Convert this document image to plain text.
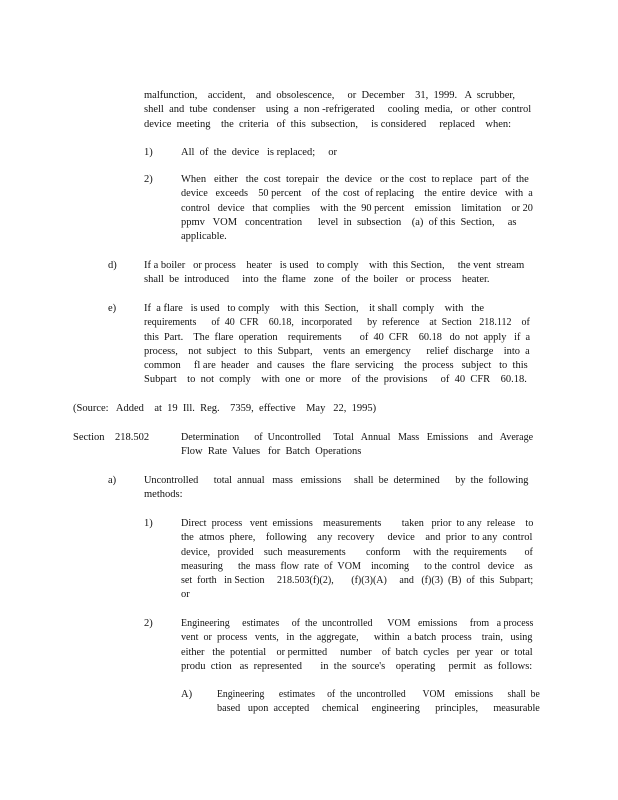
malfunction,    accident,    and  obsolescence,     or  December    31,  1999.   A  scrubber,
shell  and  tube  condenser    using  a  non -refrigerated     cooling  media,   or  other  control
device  meeting    the  criteria   of  this  subsection,     is considered     replaced    when:
1)	All  of  the  device   is replaced;     or
2)	When   either   the  cost  torepair   the  device   or the  cost  to replace   part  of  the
device   exceeds    50 percent    of  the  cost  of replacing    the  entire  device   with  a
control   device   that  complies    with  the  90 percent    emission    limitation    or 20
ppmv   VOM   concentration      level  in  subsection    (a)  of this  Section,     as
applicable.
d)	If a boiler   or process    heater   is used   to comply    with  this Section,     the vent  stream
shall  be  introduced     into  the  flame   zone   of  the  boiler   or  process    heater.
e)	If  a flare   is used   to comply    with  this  Section,    it shall  comply    with   the
requirements      of  40  CFR    60.18,   incorporated      by  reference    at  Section   218.112    of
this  Part.    The  flare  operation    requirements       of  40  CFR    60.18   do  not  apply   if  a
process,    not  subject   to  this  Subpart,    vents  an  emergency      relief  discharge    into  a
common     fl are  header   and  causes   the  flare  servicing    the  process   subject   to  this
Subpart    to  not  comply    with  one  or  more    of  the  provisions     of  40  CFR    60.18.
(Source:   Added    at  19  Ill.  Reg.    7359,  effective    May   22,  1995)
Section    218.502	Determination      of  Uncontrolled     Total   Annual   Mass   Emissions    and   Average
Flow  Rate  Values   for  Batch  Operations
a)	Uncontrolled      total  annual   mass   emissions     shall  be  determined      by  the  following
methods:
1)	Direct  process   vent  emissions    measurements        taken   prior  to any  release    to
the  atmos  phere,    following    any  recovery     device    and  prior  to any  control
device,   provided    such  measurements        conform     with  the  requirements       of
measuring      the  mass  flow  rate  of  VOM    incoming      to the  control   device    as
set  forth   in Section     218.503(f)(2),       (f)(3)(A)     and   (f)(3)  (B)  of  this  Subpart;
or
2)	Engineering     estimates     of  the  uncontrolled      VOM   emissions     from   a process
vent  or  process   vents,   in  the  aggregate,      within   a batch  process    train,   using
either   the  potential    or permitted     number    of  batch  cycles   per  year   or  total
produ  ction   as  represented       in  the  source's    operating     permit   as  follows:
A) Engineering      estimates     of  the  uncontrolled       VOM    emissions      shall  be
based   upon  accepted     chemical     engineering      principles,      measurable
